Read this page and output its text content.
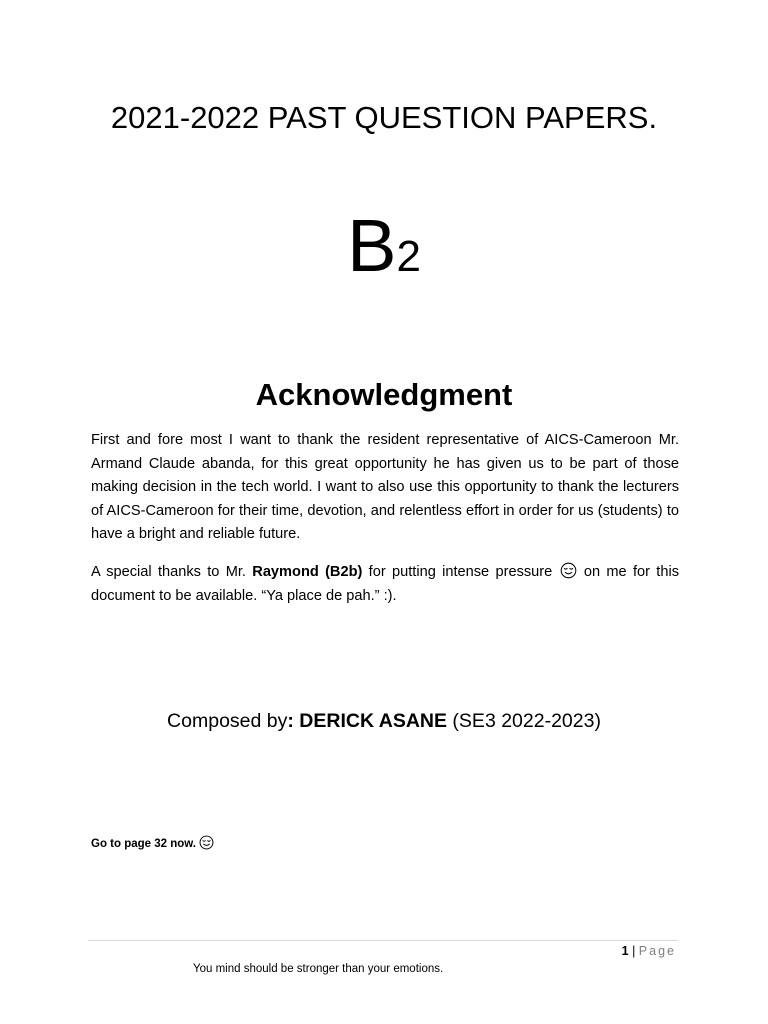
2021-2022 PAST QUESTION PAPERS.
B2
Acknowledgment
First and fore most I want to thank the resident representative of AICS-Cameroon Mr. Armand Claude abanda, for this great opportunity he has given us to be part of those making decision in the tech world. I want to also use this opportunity to thank the lecturers of AICS-Cameroon for their time, devotion, and relentless effort in order for us (students) to have a bright and reliable future.
A special thanks to Mr. Raymond (B2b) for putting intense pressure  on me for this document to be available. “Ya place de pah.” :).
Composed by: DERICK ASANE (SE3 2022-2023)
Go to page 32 now.
1 | Page
You mind should be stronger than your emotions.
